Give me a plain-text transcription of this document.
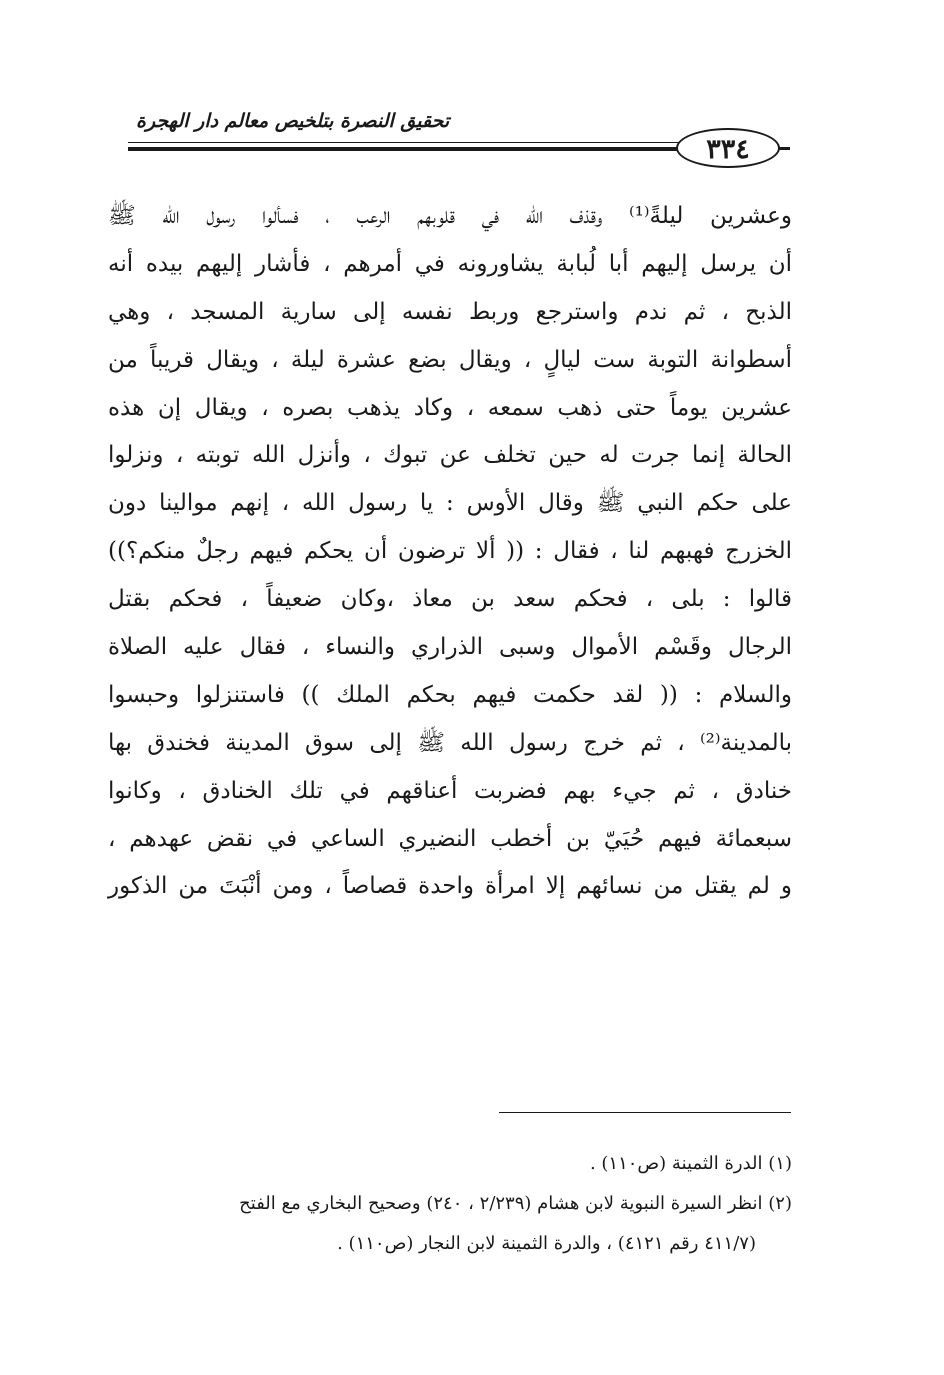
تحقيق النصرة بتلخيص معالم دار الهجرة
٣٣٤
وعشرين ليلةً⁽¹⁾ وقذف الله في قلوبهم الرعب ، فسألوا رسول الله ﷺ
أن يرسل إليهم أبا لُبابة يشاورونه في أمرهم ، فأشار إليهم بيده أنه
الذبح ، ثم ندم واسترجع وربط نفسه إلى سارية المسجد ، وهي
أسطوانة التوبة ست ليالٍ ، ويقال بضع عشرة ليلة ، ويقال قريباً من
عشرين يوماً حتى ذهب سمعه ، وكاد يذهب بصره ، ويقال إن هذه
الحالة إنما جرت له حين تخلف عن تبوك ، وأنزل الله توبته ، ونزلوا
على حكم النبي ﷺ وقال الأوس : يا رسول الله ، إنهم موالينا دون
الخزرج فهبهم لنا ، فقال : (( ألا ترضون أن يحكم فيهم رجلٌ منكم؟))
قالوا : بلى ، فحكم سعد بن معاذ ،وكان ضعيفاً ، فحكم بقتل
الرجال وقَسْم الأموال وسبى الذراري والنساء ، فقال عليه الصلاة
والسلام : (( لقد حكمت فيهم بحكم الملك )) فاستنزلوا وحبسوا
بالمدينة⁽²⁾ ، ثم خرج رسول الله ﷺ إلى سوق المدينة فخندق بها
خنادق ، ثم جيء بهم فضربت أعناقهم في تلك الخنادق ، وكانوا
سبعمائة فيهم حُيَيّ بن أخطب النضيري الساعي في نقض عهدهم ،
و لم يقتل من نسائهم إلا امرأة واحدة قصاصاً ، ومن أنْبَتَ من الذكور
(١) الدرة الثمينة (ص١١٠) .
(٢) انظر السيرة النبوية لابن هشام (٢/٢٣٩ ، ٢٤٠) وصحيح البخاري مع الفتح
(٤١١/٧ رقم ٤١٢١) ، والدرة الثمينة لابن النجار (ص١١٠) .
